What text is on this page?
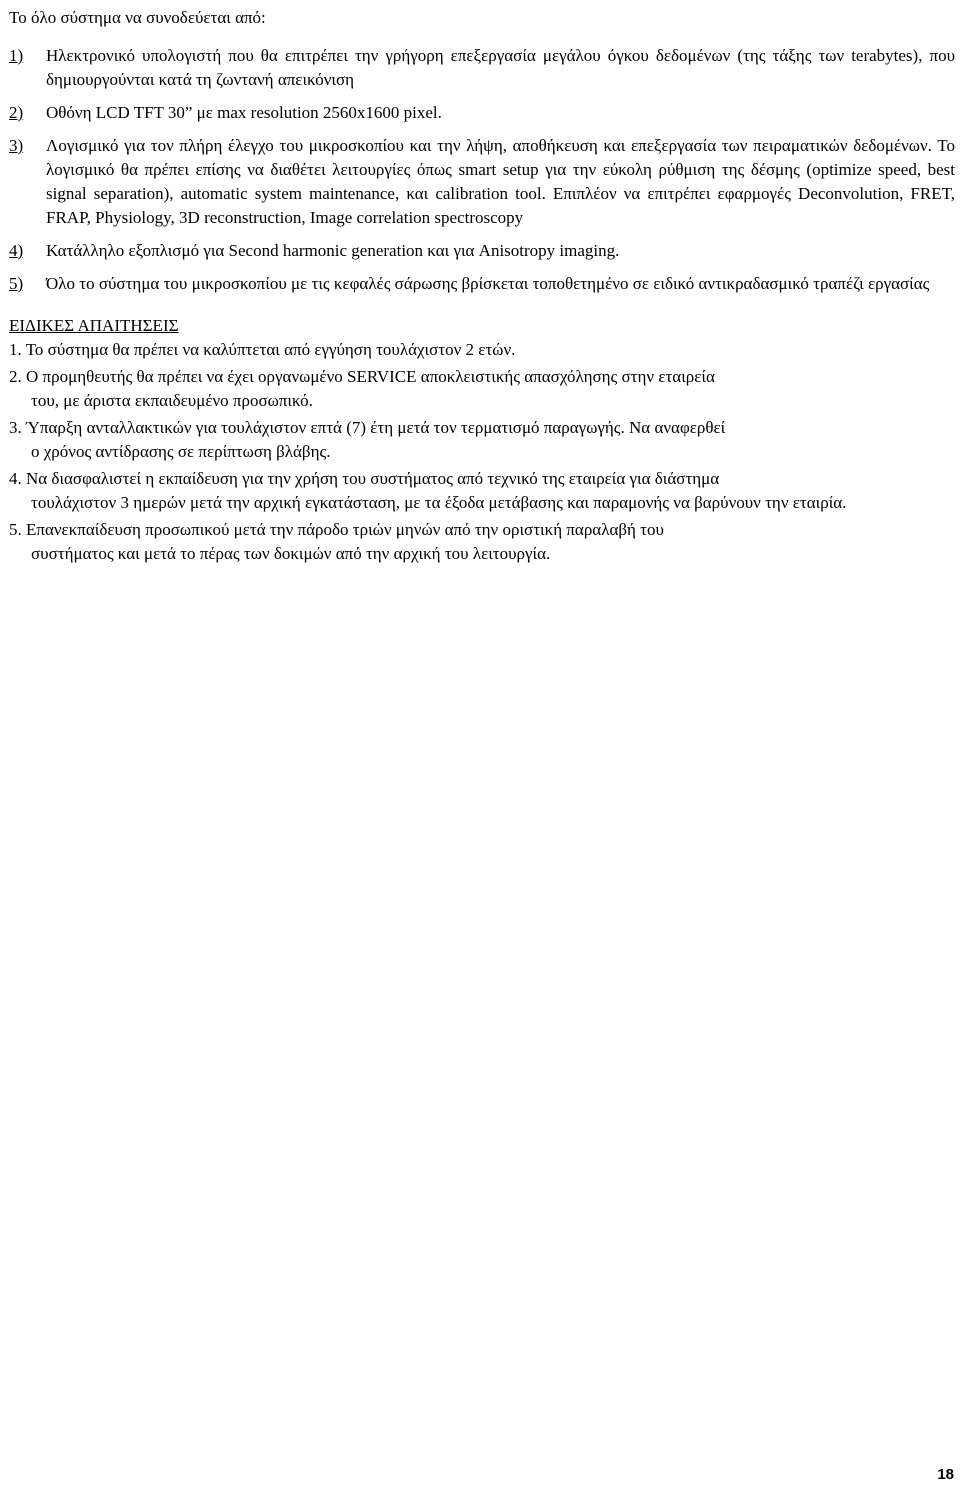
Το όλο σύστημα να συνοδεύεται από:

1)	Ηλεκτρονικό υπολογιστή που θα επιτρέπει την γρήγορη επεξεργασία μεγάλου όγκου δεδομένων (της τάξης των terabytes), που δημιουργούνται κατά τη ζωντανή απεικόνιση
2)	Οθόνη LCD TFT 30” με max resolution 2560x1600 pixel.
3)	Λογισμικό για τον πλήρη έλεγχο του μικροσκοπίου και την λήψη, αποθήκευση και επεξεργασία των πειραματικών δεδομένων. Το λογισμικό θα πρέπει επίσης να διαθέτει λειτουργίες όπως smart setup για την εύκολη ρύθμιση της δέσμης (optimize speed, best signal separation), automatic system maintenance, και calibration tool. Επιπλέον να επιτρέπει εφαρμογές Deconvolution, FRET, FRAP, Physiology, 3D reconstruction, Image correlation spectroscopy
4)	Κατάλληλο εξοπλισμό για Second harmonic generation και για Anisotropy imaging.
5)	Όλο το σύστημα του μικροσκοπίου με τις κεφαλές σάρωσης βρίσκεται τοποθετημένο σε ειδικό αντικραδασμικό τραπέζι εργασίας
ΕΙΔΙΚΕΣ ΑΠΑΙΤΗΣΕΙΣ
1. Το σύστημα θα πρέπει να καλύπτεται από εγγύηση τουλάχιστον 2 ετών.
2. Ο προμηθευτής θα πρέπει να έχει οργανωμένο SERVICE αποκλειστικής απασχόλησης στην εταιρεία
του, με άριστα εκπαιδευμένο προσωπικό.
3. Ύπαρξη ανταλλακτικών για τουλάχιστον επτά (7) έτη μετά τον τερματισμό παραγωγής. Να αναφερθεί
ο χρόνος αντίδρασης σε περίπτωση βλάβης.
4. Να διασφαλιστεί η εκπαίδευση για την χρήση του συστήματος από τεχνικό της εταιρεία για διάστημα
τουλάχιστον 3 ημερών μετά την αρχική εγκατάσταση, με τα έξοδα μετάβασης και παραμονής να βαρύνουν την εταιρία.
5. Επανεκπαίδευση προσωπικού μετά την πάροδο τριών μηνών από την οριστική παραλαβή του
συστήματος και μετά το πέρας των δοκιμών από την αρχική του λειτουργία.
18
